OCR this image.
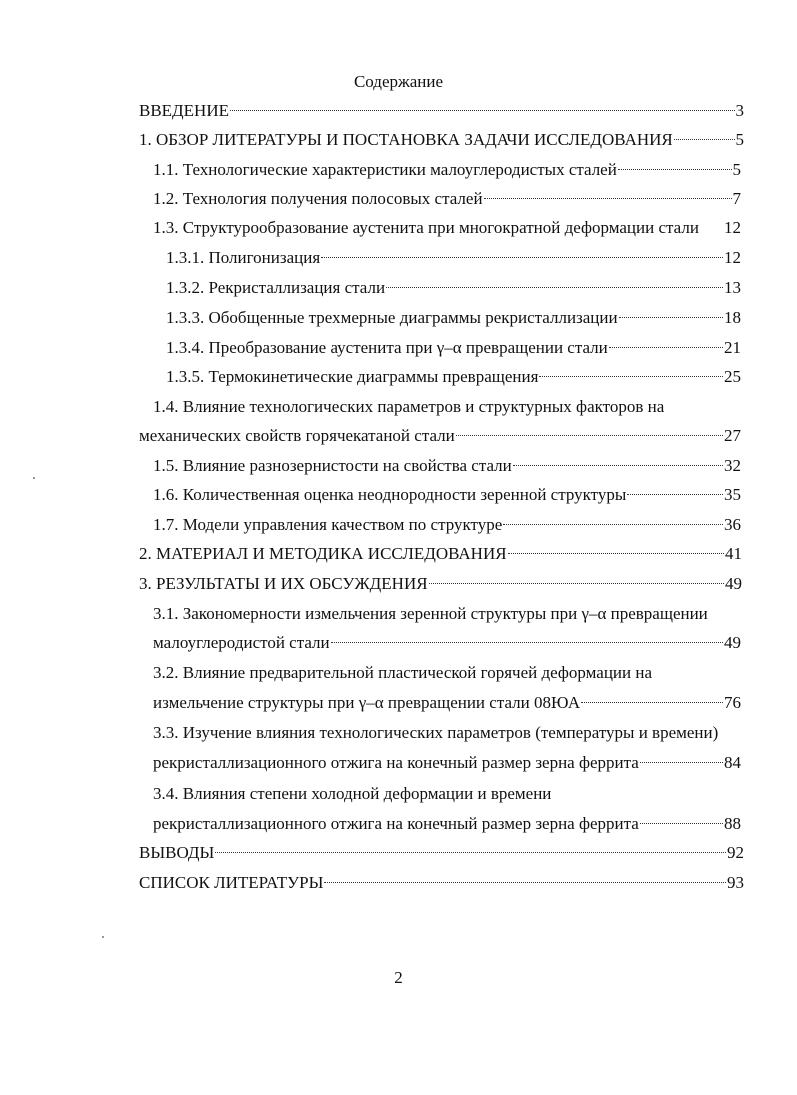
Содержание
ВВЕДЕНИЕ	3
1. ОБЗОР ЛИТЕРАТУРЫ И ПОСТАНОВКА ЗАДАЧИ ИССЛЕДОВАНИЯ	5
1.1. Технологические характеристики малоуглеродистых сталей	5
1.2. Технология получения полосовых сталей	7
1.3. Структурообразование аустенита при многократной деформации стали 12
1.3.1. Полигонизация	12
1.3.2. Рекристаллизация стали	13
1.3.3. Обобщенные трехмерные диаграммы рекристаллизации	18
1.3.4. Преобразование аустенита при γ–α превращении стали	21
1.3.5. Термокинетические диаграммы превращения	25
1.4. Влияние технологических параметров и структурных факторов на
механических свойств горячекатаной стали	27
1.5. Влияние разнозернистости на свойства стали	32
1.6. Количественная оценка неоднородности зеренной структуры	35
1.7. Модели управления качеством по структуре	36
2. МАТЕРИАЛ И МЕТОДИКА ИССЛЕДОВАНИЯ	41
3. РЕЗУЛЬТАТЫ И ИХ ОБСУЖДЕНИЯ	49
3.1. Закономерности измельчения зеренной структуры при γ–α превращении
малоуглеродистой стали	49
3.2. Влияние предварительной пластической горячей деформации на
измельчение структуры при γ–α превращении стали 08ЮА	76
3.3. Изучение влияния технологических параметров (температуры и времени)
рекристаллизационного отжига на конечный размер зерна феррита	84
3.4. Влияния степени холодной деформации и времени
рекристаллизационного отжига на конечный размер зерна феррита	88
ВЫВОДЫ	92
СПИСОК ЛИТЕРАТУРЫ	93
2
